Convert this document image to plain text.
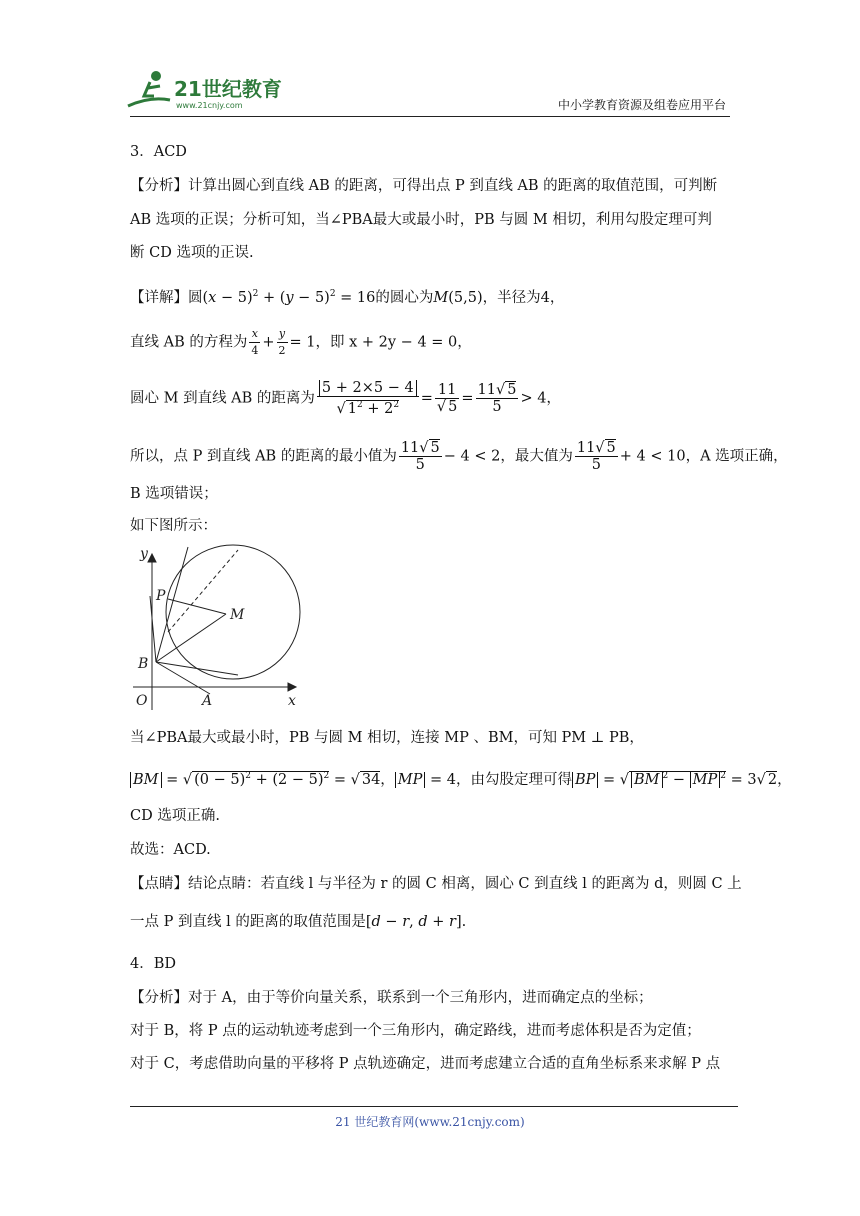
21世纪教育
www.21cnjy.com	中小学教育资源及组卷应用平台
3．ACD
【分析】计算出圆心到直线 AB 的距离，可得出点 P 到直线 AB 的距离的取值范围，可判断
AB 选项的正误；分析可知，当∠PBA最大或最小时，PB 与圆 M 相切，利用勾股定理可判
断 CD 选项的正误.
【详解】圆$(x - 5)^2 + (y - 5)^2 = 16$的圆心为M(5,5)，半径为4，
直线 AB 的方程为 $\frac{x}{4} + \frac{y}{2} = 1$，即 x + 2y − 4 = 0，
圆心 M 到直线 AB 的距离为 $\frac{5 + 2\times 5 - 4}{√ 1^2 + 2^2} = \frac{11}{√ 5} = \frac{11√ 5}{5} > 4$，
所以，点 P 到直线 AB 的距离的最小值为 $\frac{11√ 5}{5} - 4 < 2$，最大值为 $\frac{11√ 5}{5} + 4 < 10$，A 选项正确，
B 选项错误；
如下图所示：
y
P
M
B
O	A	x
当∠PBA最大或最小时，PB 与圆 M 相切，连接 MP 、BM，可知 PM ⊥ PB，
BM = √ $(0 - 5)^2 + (2 - 5)^2$ = √ 34， MP = 4，由勾股定理可得 BP = √ BM $^2$ − MP $^2$ = 3√ 2，
CD 选项正确.
故选：ACD.
【点睛】结论点睛：若直线 l 与半径为 r 的圆 C 相离，圆心 C 到直线 l 的距离为 d，则圆 C 上
一点 P 到直线 l 的距离的取值范围是[d − r, d + r].
4．BD
【分析】对于 A，由于等价向量关系，联系到一个三角形内，进而确定点的坐标；
对于 B，将 P 点的运动轨迹考虑到一个三角形内，确定路线，进而考虑体积是否为定值；
对于 C，考虑借助向量的平移将 P 点轨迹确定，进而考虑建立合适的直角坐标系来求解 P 点
21 世纪教育网(www.21cnjy.com)
